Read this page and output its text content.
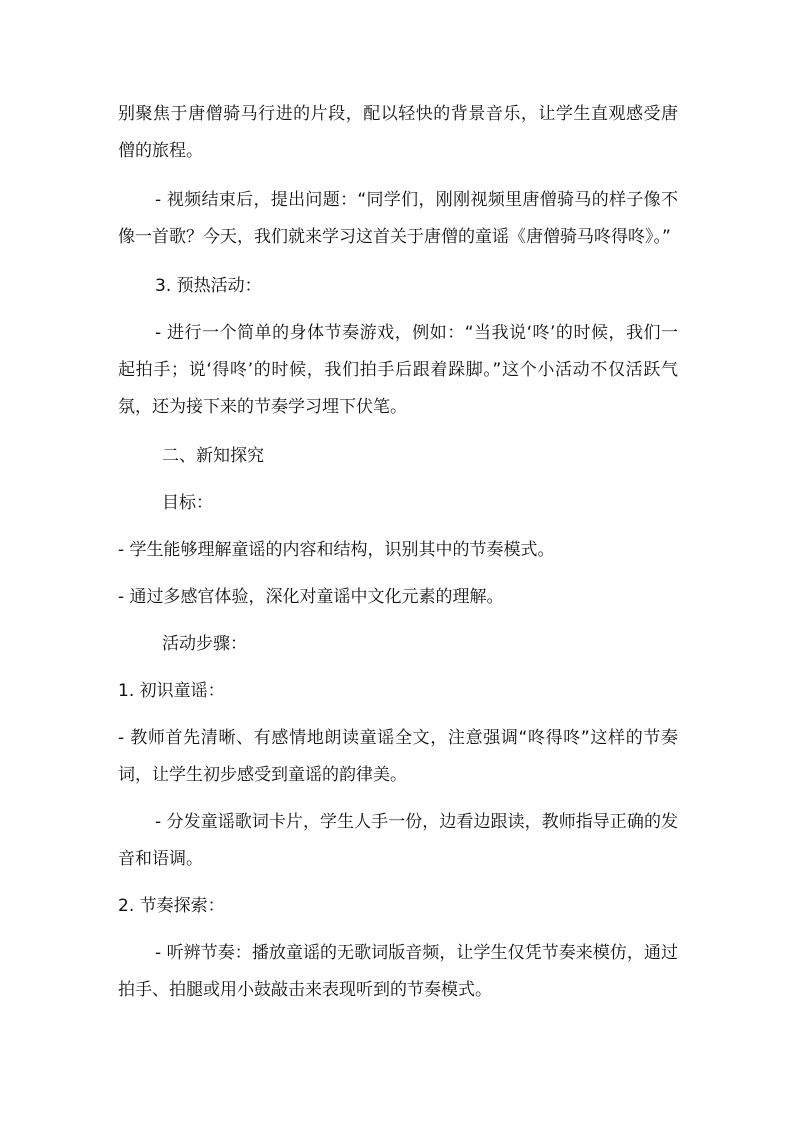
别聚焦于唐僧骑马行进的片段，配以轻快的背景音乐，让学生直观感受唐僧的旅程。

- 视频结束后，提出问题：“同学们，刚刚视频里唐僧骑马的样子像不像一首歌？今天，我们就来学习这首关于唐僧的童谣《唐僧骑马咚得咚》。”

3. 预热活动：

- 进行一个简单的身体节奏游戏，例如：“当我说‘咚’的时候，我们一起拍手；说‘得咚’的时候，我们拍手后跟着跺脚。”这个小活动不仅活跃气氛，还为接下来的节奏学习埋下伏笔。

二、新知探究

目标：

- 学生能够理解童谣的内容和结构，识别其中的节奏模式。

- 通过多感官体验，深化对童谣中文化元素的理解。

活动步骤：

1. 初识童谣：

- 教师首先清晰、有感情地朗读童谣全文，注意强调“咚得咚”这样的节奏词，让学生初步感受到童谣的韵律美。

- 分发童谣歌词卡片，学生人手一份，边看边跟读，教师指导正确的发音和语调。

2. 节奏探索：

- 听辨节奏：播放童谣的无歌词版音频，让学生仅凭节奏来模仿，通过拍手、拍腿或用小鼓敲击来表现听到的节奏模式。
